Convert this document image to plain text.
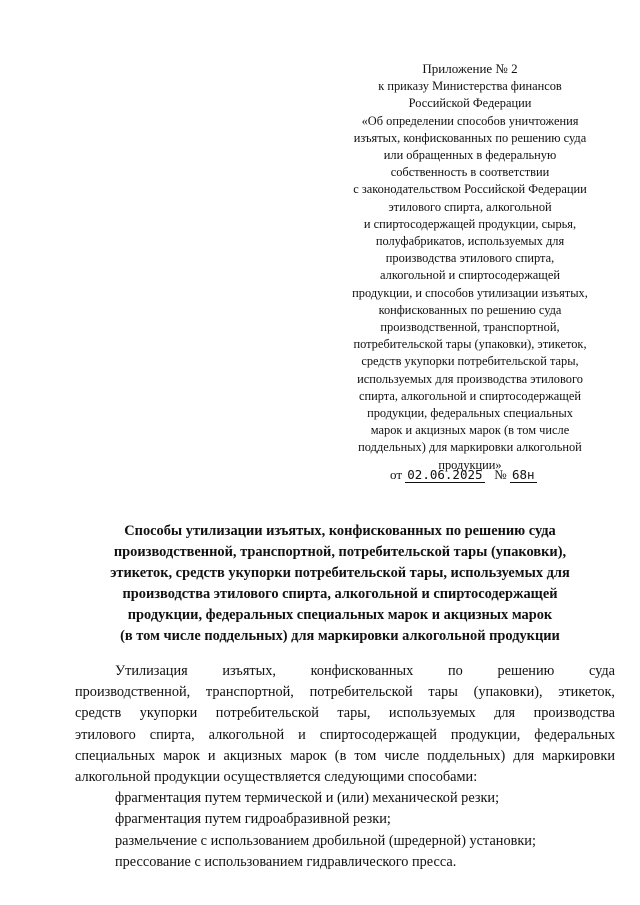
Приложение № 2
к приказу Министерства финансов
Российской Федерации
«Об определении способов уничтожения
изъятых, конфискованных по решению суда
или обращенных в федеральную
собственность в соответствии
с законодательством Российской Федерации
этилового спирта, алкогольной
и спиртосодержащей продукции, сырья,
полуфабрикатов, используемых для
производства этилового спирта,
алкогольной и спиртосодержащей
продукции, и способов утилизации изъятых,
конфискованных по решению суда
производственной, транспортной,
потребительской тары (упаковки), этикеток,
средств укупорки потребительской тары,
используемых для производства этилового
спирта, алкогольной и спиртосодержащей
продукции, федеральных специальных
марок и акцизных марок (в том числе
поддельных) для маркировки алкогольной
продукции»
от 02.06.2025 № 68н
Способы утилизации изъятых, конфискованных по решению суда
производственной, транспортной, потребительской тары (упаковки),
этикеток, средств укупорки потребительской тары, используемых для
производства этилового спирта, алкогольной и спиртосодержащей
продукции, федеральных специальных марок и акцизных марок
(в том числе поддельных) для маркировки алкогольной продукции
Утилизация изъятых, конфискованных по решению суда
производственной, транспортной, потребительской тары (упаковки), этикеток,
средств укупорки потребительской тары, используемых для производства
этилового спирта, алкогольной и спиртосодержащей продукции, федеральных
специальных марок и акцизных марок (в том числе поддельных) для маркировки
алкогольной продукции осуществляется следующими способами:
фрагментация путем термической и (или) механической резки;
фрагментация путем гидроабразивной резки;
размельчение с использованием дробильной (шредерной) установки;
прессование с использованием гидравлического пресса.
